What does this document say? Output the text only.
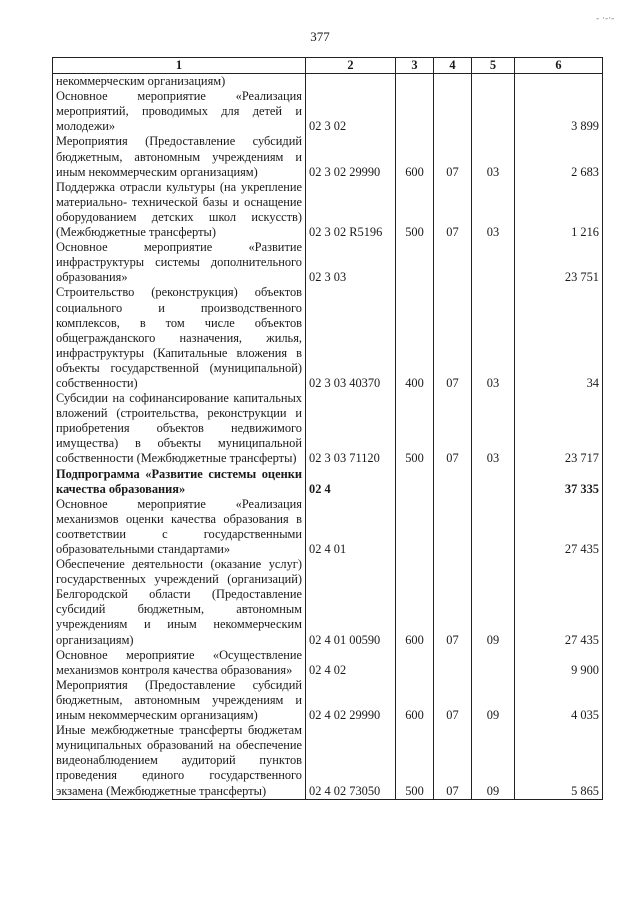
377
- ·-·-
1	2	3	4	5	6
некоммерческим организациям)					
Основное мероприятие «Реализация мероприятий, проводимых для детей и молодежи»	02 3 02				3 899
Мероприятия (Предоставление субсидий бюджетным, автономным учреждениям и иным некоммерческим организациям)	02 3 02 29990	600	07	03	2 683
Поддержка отрасли культуры (на укрепление материально- технической базы и оснащение оборудованием детских школ искусств) (Межбюджетные трансферты)	02 3 02 R5196	500	07	03	1 216
Основное мероприятие «Развитие инфраструктуры системы дополнительного образования»	02 3 03				23 751
Строительство (реконструкция) объектов социального и производственного комплексов, в том числе объектов общегражданского назначения, жилья, инфраструктуры (Капитальные вложения в объекты государственной (муниципальной) собственности)	02 3 03 40370	400	07	03	34
Субсидии на софинансирование капитальных вложений (строительства, реконструкции и приобретения объектов недвижимого имущества) в объекты муниципальной собственности (Межбюджетные трансферты)	02 3 03 71120	500	07	03	23 717
Подпрограмма «Развитие системы оценки качества образования»	02 4				37 335
Основное мероприятие «Реализация механизмов оценки качества образования в соответствии с государственными образовательными стандартами»	02 4 01				27 435
Обеспечение деятельности (оказание услуг) государственных учреждений (организаций) Белгородской области (Предоставление субсидий бюджетным, автономным учреждениям и иным некоммерческим организациям)	02 4 01 00590	600	07	09	27 435
Основное мероприятие «Осуществление механизмов контроля качества образования»	02 4 02				9 900
Мероприятия (Предоставление субсидий бюджетным, автономным учреждениям и иным некоммерческим организациям)	02 4 02 29990	600	07	09	4 035
Иные межбюджетные трансферты бюджетам муниципальных образований на обеспечение видеонаблюдением аудиторий пунктов проведения единого государственного экзамена (Межбюджетные трансферты)	02 4 02 73050	500	07	09	5 865
